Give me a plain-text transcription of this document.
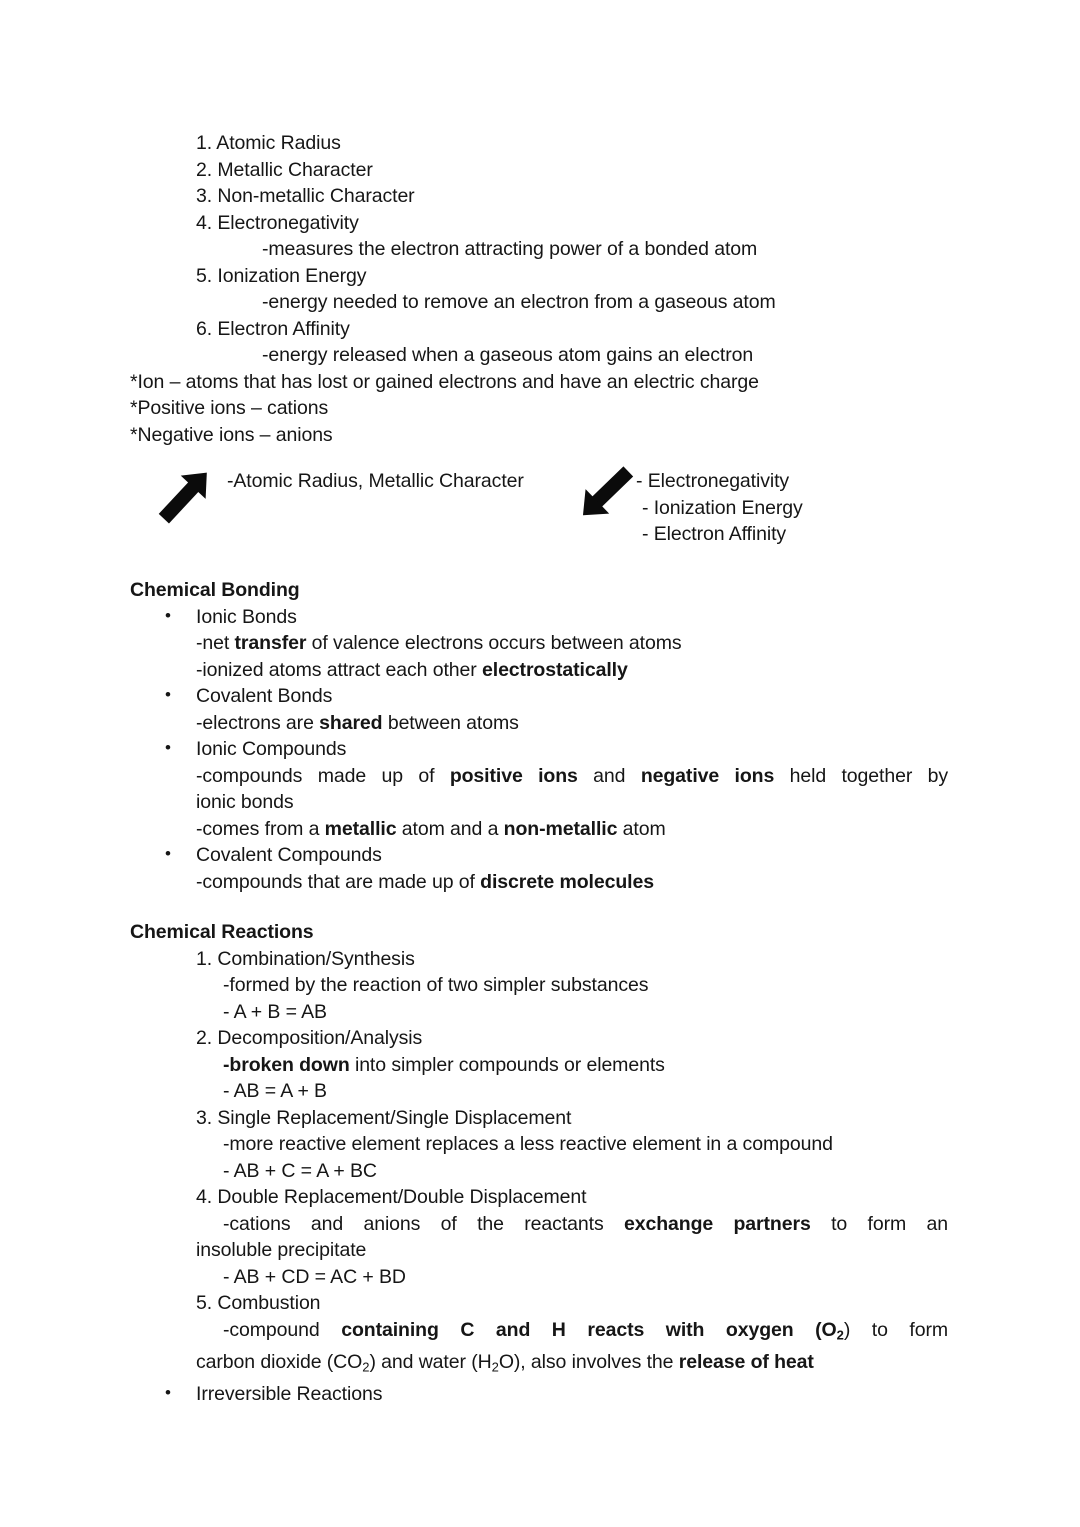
1. Atomic Radius
2. Metallic Character
3. Non-metallic Character
4. Electronegativity
-measures the electron attracting power of a bonded atom
5. Ionization Energy
-energy needed to remove an electron from a gaseous atom
6. Electron Affinity
-energy released when a gaseous atom gains an electron
*Ion – atoms that has lost or gained electrons and have an electric charge
*Positive ions – cations
*Negative ions – anions
-Atomic Radius, Metallic Character	- Electronegativity
- Ionization Energy
- Electron Affinity
Chemical Bonding
• Ionic Bonds
-net transfer of valence electrons occurs between atoms
-ionized atoms attract each other electrostatically
• Covalent Bonds
-electrons are shared between atoms
• Ionic Compounds
-compounds made up of positive ions and negative ions held together by
ionic bonds
-comes from a metallic atom and a non-metallic atom
• Covalent Compounds
-compounds that are made up of discrete molecules
Chemical Reactions
1. Combination/Synthesis
-formed by the reaction of two simpler substances
- A + B = AB
2. Decomposition/Analysis
-broken down into simpler compounds or elements
- AB = A + B
3. Single Replacement/Single Displacement
-more reactive element replaces a less reactive element in a compound
- AB + C = A + BC
4. Double Replacement/Double Displacement
-cations and anions of the reactants exchange partners to form an
insoluble precipitate
- AB + CD = AC + BD
5. Combustion
-compound containing C and H reacts with oxygen $(O_2)$ to form
carbon dioxide $(CO_2)$ and water $(H_2O)$, also involves the release of heat
• Irreversible Reactions
